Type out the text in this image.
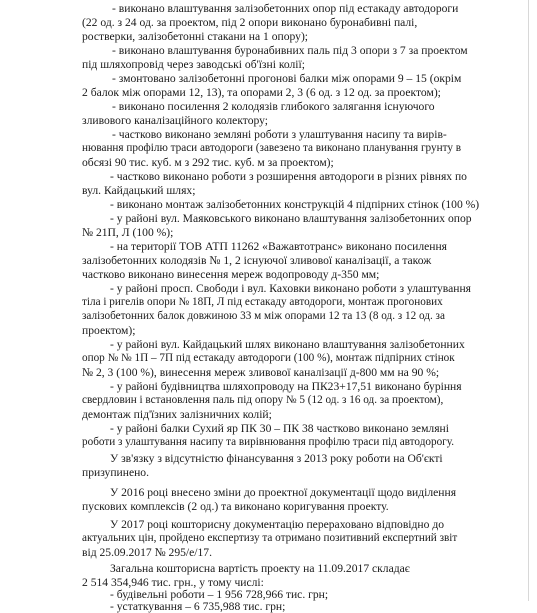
- виконано влаштування залізобетонних опор під естакаду автодороги
(22 од. з 24 од. за проектом, під 2 опори виконано буронабивні палі,
ростверки, залізобетонні стакани на 1 опору);
- виконано влаштування буронабивних паль під 3 опори з 7 за проектом
під шляхопровід через заводські об'їзні колії;
- змонтовано залізобетонні прогонові балки між опорами 9 – 15 (окрім
2 балок між опорами 12, 13), та опорами 2, 3 (6 од. з 12 од. за проектом);
- виконано посилення 2 колодязів глибокого залягання існуючого
зливового каналізаційного колектору;
- частково виконано земляні роботи з улаштування насипу та вирів-
нювання профілю траси автодороги (завезено та виконано планування грунту в
обсязі 90 тис. куб. м з 292 тис. куб. м за проектом);
- частково виконано роботи з розширення автодороги в різних рівнях по
вул. Кайдацький шлях;
- виконано монтаж залізобетонних конструкцій 4 підпірних стінок (100 %)
- у районі вул. Маяковського виконано влаштування залізобетонних опор
№ 21П, Л (100 %);
- на території ТОВ АТП 11262 «Важавтотранс» виконано посилення
залізобетонних колодязів № 1, 2 існуючої зливової каналізації, а також
частково виконано винесення мереж водопроводу д-350 мм;
- у районі просп. Свободи і вул. Каховки виконано роботи з улаштування
тіла і ригелів опори № 18П, Л під естакаду автодороги, монтаж прогонових
залізобетонних балок довжиною 33 м між опорами 12 та 13 (8 од. з 12 од. за
проектом);
- у районі вул. Кайдацький шлях виконано влаштування залізобетонних
опор № № 1П – 7П під естакаду автодороги (100 %), монтаж підпірних стінок
№ 2, 3 (100 %), винесення мереж зливової каналізації д-800 мм на 90 %;
- у районі будівництва шляхопроводу на ПК23+17,51 виконано буріння
свердловин і встановлення паль під опору № 5 (12 од. з 16 од. за проектом),
демонтаж під'їзних залізничних колій;
- у районі балки Сухий яр ПК 30 – ПК 38 частково виконано земляні
роботи з улаштування насипу та вирівнювання профілю траси під автодорогу.
У зв'язку з відсутністю фінансування з 2013 року роботи на Об'єкті
призупинено.
У 2016 році внесено зміни до проектної документації щодо виділення
пускових комплексів (2 од.) та виконано коригування проекту.
У 2017 році кошторисну документацію перераховано відповідно до
актуальних цін, пройдено експертизу та отримано позитивний експертний звіт
від 25.09.2017 № 295/е/17.
Загальна кошторисна вартість проекту на 11.09.2017 складає
2 514 354,946 тис. грн., у тому числі:
- будівельні роботи – 1 956 728,966 тис. грн;
- устаткування – 6 735,988 тис. грн;
